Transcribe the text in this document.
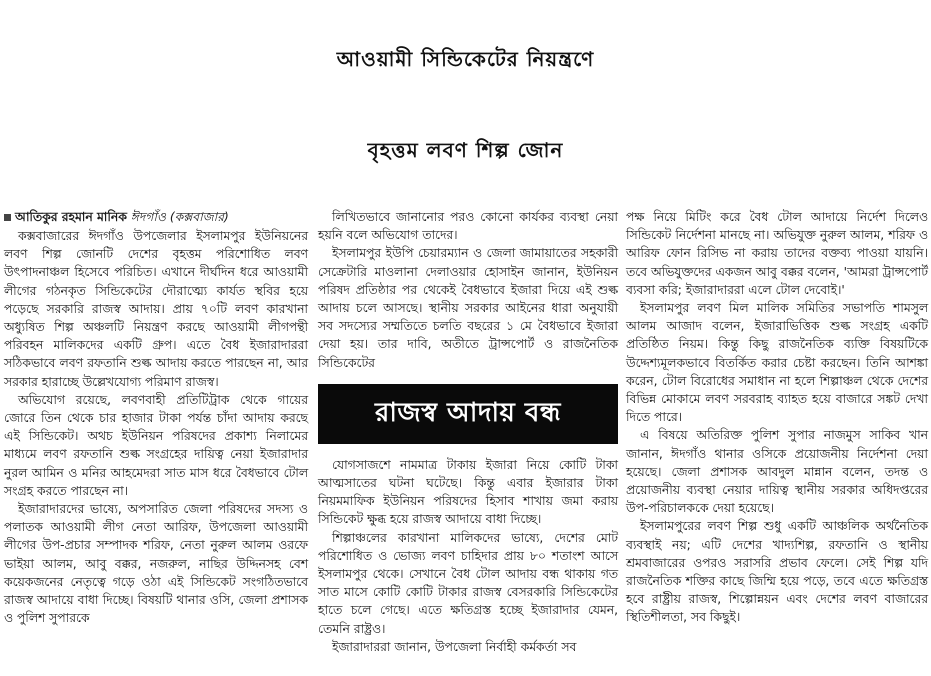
আওয়ামী সিন্ডিকেটের নিয়ন্ত্রণে
বৃহত্তম লবণ শিল্প জোন
আতিকুর রহমান মানিক ঈদগাঁও (কক্সবাজার)

কক্সবাজারের ঈদগাঁও উপজেলার ইসলামপুর ইউনিয়নের লবণ শিল্প জোনটি দেশের বৃহত্তম পরিশোধিত লবণ উৎপাদনাঞ্চল হিসেবে পরিচিত। এখানে দীর্ঘদিন ধরে আওয়ামী লীগের গঠনকৃত সিন্ডিকেটের দৌরাত্ম্যে কার্যত স্থবির হয়ে পড়েছে সরকারি রাজস্ব আদায়। প্রায় ৭০টি লবণ কারখানা অধ্যুষিত শিল্প অঞ্চলটি নিয়ন্ত্রণ করছে আওয়ামী লীগপন্থী পরিবহন মালিকদের একটি গ্রুপ। এতে বৈধ ইজারাদাররা সঠিকভাবে লবণ রফতানি শুল্ক আদায় করতে পারছেন না, আর সরকার হারাচ্ছে উল্লেখযোগ্য পরিমাণ রাজস্ব।

অভিযোগ রয়েছে, লবণবাহী প্রতিটিট্রাক থেকে গায়ের জোরে তিন থেকে চার হাজার টাকা পর্যন্ত চাঁদা আদায় করছে এই সিন্ডিকেট। অথচ ইউনিয়ন পরিষদের প্রকাশ্য নিলামের মাধ্যমে লবণ রফতানি শুল্ক সংগ্রহের দায়িত্ব নেয়া ইজারাদার নুরল আমিন ও মনির আহমেদরা সাত মাস ধরে বৈধভাবে টোল সংগ্রহ করতে পারছেন না।

ইজারাদারদের ভাষ্যে, অপসারিত জেলা পরিষদের সদস্য ও পলাতক আওয়ামী লীগ নেতা আরিফ, উপজেলা আওয়ামী লীগের উপ-প্রচার সম্পাদক শরিফ, নেতা নুরুল আলম ওরফে ভাইয়া আলম, আবু বক্কর, নজরুল, নাছির উদ্দিনসহ বেশ কয়েকজনের নেতৃত্বে গড়ে ওঠা এই সিন্ডিকেট সংগঠিতভাবে রাজস্ব আদায়ে বাধা দিচ্ছে। বিষয়টি থানার ওসি, জেলা প্রশাসক ও পুলিশ সুপারকে

লিখিতভাবে জানানোর পরও কোনো কার্যকর ব্যবস্থা নেয়া হয়নি বলে অভিযোগ তাদের।

ইসলামপুর ইউপি চেয়ারম্যান ও জেলা জামায়াতের সহকারী সেক্রেটারি মাওলানা দেলাওয়ার হোসাইন জানান, ইউনিয়ন পরিষদ প্রতিষ্ঠার পর থেকেই বৈধভাবে ইজারা দিয়ে এই শুল্ক আদায় চলে আসছে। স্থানীয় সরকার আইনের ধারা অনুযায়ী সব সদস্যের সম্মতিতে চলতি বছরের ১ মে বৈধভাবে ইজারা দেয়া হয়। তার দাবি, অতীতে ট্রান্সপোর্ট ও রাজনৈতিক সিন্ডিকেটের

রাজস্ব আদায় বন্ধ

যোগসাজশে নামমাত্র টাকায় ইজারা নিয়ে কোটি টাকা আত্মসাতের ঘটনা ঘটেছে। কিন্তু এবার ইজারার টাকা নিয়মমাফিক ইউনিয়ন পরিষদের হিসাব শাখায় জমা করায় সিন্ডিকেট ক্ষুব্ধ হয়ে রাজস্ব আদায়ে বাধা দিচ্ছে।

শিল্পাঞ্চলের কারখানা মালিকদের ভাষ্যে, দেশের মোট পরিশোধিত ও ভোজ্য লবণ চাহিদার প্রায় ৮০ শতাংশ আসে ইসলামপুর থেকে। সেখানে বৈধ টোল আদায় বন্ধ থাকায় গত সাত মাসে কোটি কোটি টাকার রাজস্ব বেসরকারি সিন্ডিকেটের হাতে চলে গেছে। এতে ক্ষতিগ্রস্ত হচ্ছে ইজারাদার যেমন, তেমনি রাষ্ট্রও।

ইজারাদাররা জানান, উপজেলা নির্বাহী কর্মকর্তা সব

পক্ষ নিয়ে মিটিং করে বৈধ টোল আদায়ে নির্দেশ দিলেও সিন্ডিকেট নির্দেশনা মানছে না। অভিযুক্ত নুরুল আলম, শরিফ ও আরিফ ফোন রিসিভ না করায় তাদের বক্তব্য পাওয়া যায়নি। তবে অভিযুক্তদের একজন আবু বক্কর বলেন, 'আমরা ট্রান্সপোর্ট ব্যবসা করি; ইজারাদাররা এলে টোল দেবোই।'

ইসলামপুর লবণ মিল মালিক সমিতির সভাপতি শামসুল আলম আজাদ বলেন, ইজারাভিত্তিক শুল্ক সংগ্রহ একটি প্রতিষ্ঠিত নিয়ম। কিন্তু কিছু রাজনৈতিক ব্যক্তি বিষয়টিকে উদ্দেশ্যমূলকভাবে বিতর্কিত করার চেষ্টা করছেন। তিনি আশঙ্কা করেন, টোল বিরোধের সমাধান না হলে শিল্পাঞ্চল থেকে দেশের বিভিন্ন মোকামে লবণ সরবরাহ ব্যাহত হয়ে বাজারে সঙ্কট দেখা দিতে পারে।

এ বিষয়ে অতিরিক্ত পুলিশ সুপার নাজমুস সাকিব খান জানান, ঈদগাঁও থানার ওসিকে প্রয়োজনীয় নির্দেশনা দেয়া হয়েছে। জেলা প্রশাসক আবদুল মান্নান বলেন, তদন্ত ও প্রয়োজনীয় ব্যবস্থা নেয়ার দায়িত্ব স্থানীয় সরকার অধিদপ্তরের উপ-পরিচালককে দেয়া হয়েছে।

ইসলামপুরের লবণ শিল্প শুধু একটি আঞ্চলিক অর্থনৈতিক ব্যবস্থাই নয়; এটি দেশের খাদ্যশিল্প, রফতানি ও স্থানীয় শ্রমবাজারের ওপরও সরাসরি প্রভাব ফেলে। সেই শিল্প যদি রাজনৈতিক শক্তির কাছে জিম্মি হয়ে পড়ে, তবে এতে ক্ষতিগ্রস্ত হবে রাষ্ট্রীয় রাজস্ব, শিল্পোন্নয়ন এবং দেশের লবণ বাজারের স্থিতিশীলতা, সব কিছুই।
